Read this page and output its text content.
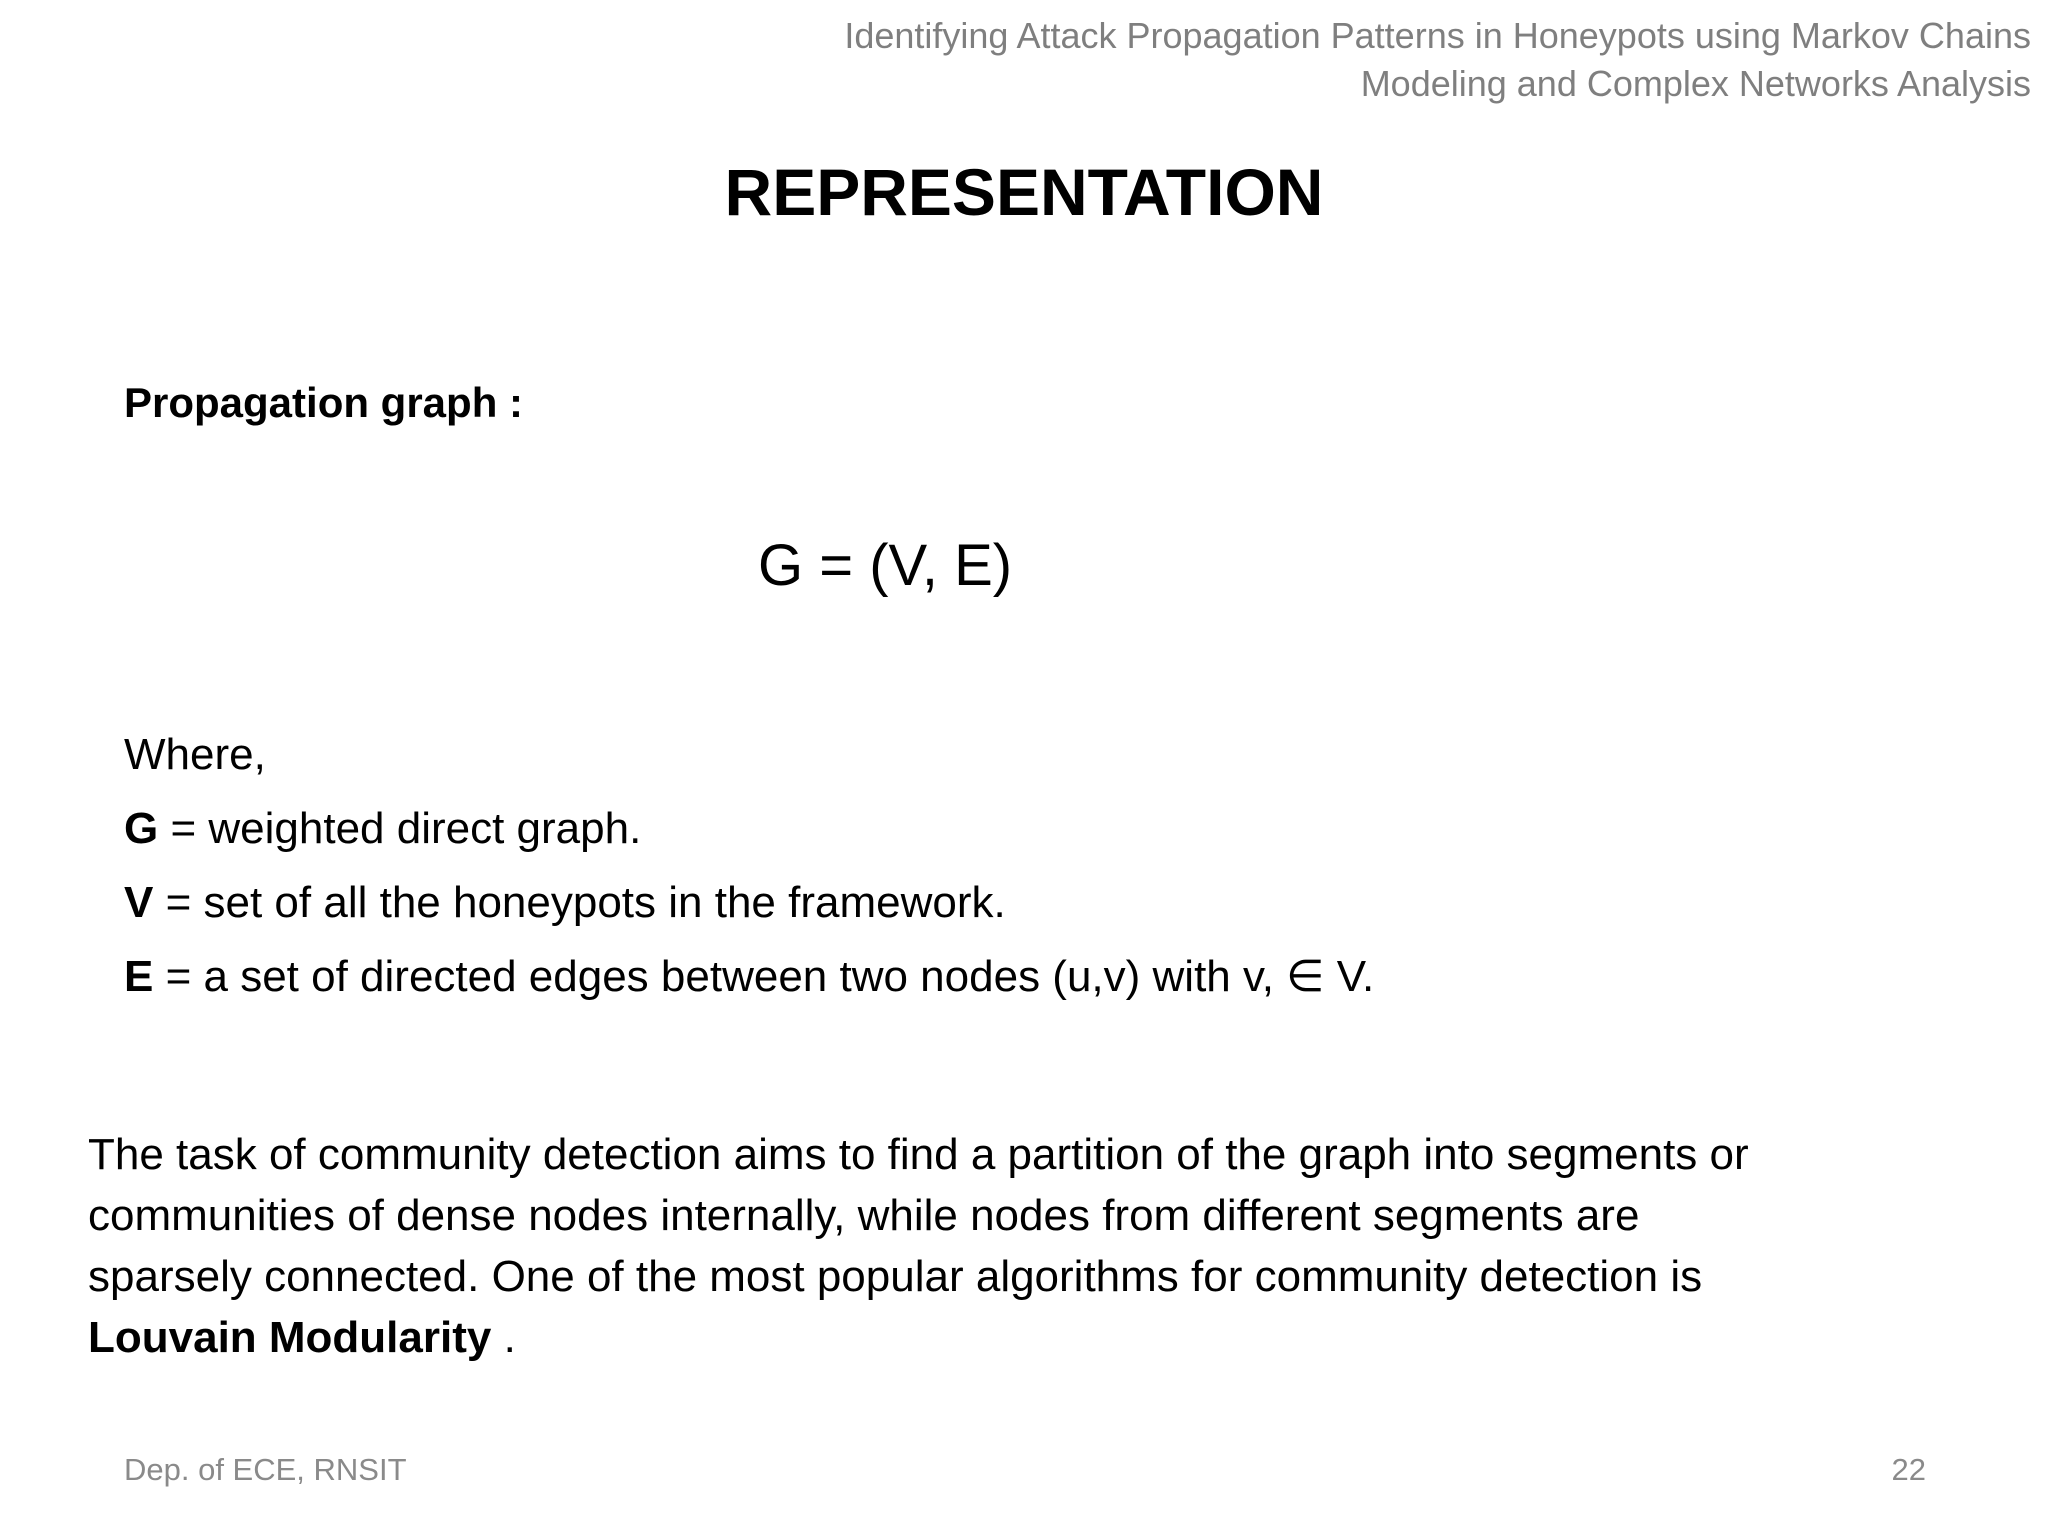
Identifying Attack Propagation Patterns in Honeypots using Markov Chains
Modeling and Complex Networks Analysis
REPRESENTATION
Propagation graph :
G = (V, E)
Where,
G = weighted direct graph.
V = set of all the honeypots in the framework.
E = a set of directed edges between two nodes (u,v) with v, ∈ V.
The task of community detection aims to find a partition of the graph into segments or
communities of dense nodes internally, while nodes from different segments are
sparsely connected. One of the most popular algorithms for community detection is
Louvain Modularity .
Dep. of ECE, RNSIT	22
